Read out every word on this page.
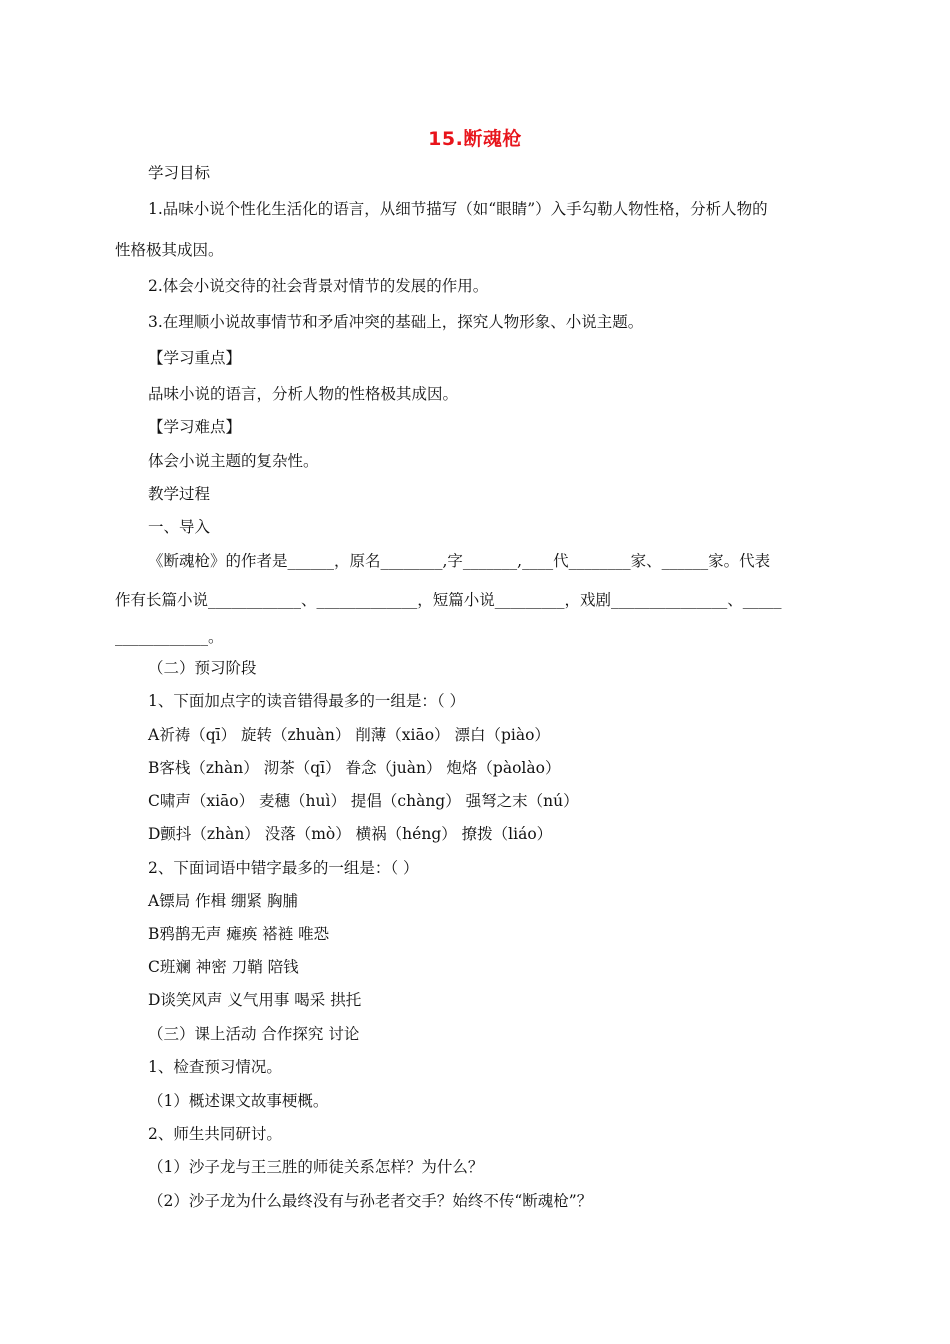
15.断魂枪
学习目标
1.品味小说个性化生活化的语言，从细节描写（如“眼睛”）入手勾勒人物性格，分析人物的
性格极其成因。
2.体会小说交待的社会背景对情节的发展的作用。
3.在理顺小说故事情节和矛盾冲突的基础上，探究人物形象、小说主题。
【学习重点】
品味小说的语言，分析人物的性格极其成因。
【学习难点】
体会小说主题的复杂性。
教学过程
一、导入
《断魂枪》的作者是______，原名________,字_______,____代________家、______家。代表
作有长篇小说____________、_____________，短篇小说_________，戏剧_______________、_____
____________。
（二）预习阶段
1、下面加点字的读音错得最多的一组是：（ ）
A祈祷（qī） 旋转（zhuàn） 削薄（xiāo） 漂白（piào）
B客栈（zhàn） 沏茶（qī） 眷念（juàn） 炮烙（pàolào）
C啸声（xiāo） 麦穗（huì） 提倡（chàng） 强弩之末（nú）
D颤抖（zhàn） 没落（mò） 横祸（héng） 撩拨（liáo）
2、下面词语中错字最多的一组是：（ ）
A镖局 作楫 绷紧 胸脯
B鸦鹊无声 瘫痪 褡裢 唯恐
C班斓 神密 刀鞘 陪钱
D谈笑风声 义气用事 喝采 拱托
（三）课上活动 合作探究 讨论
1、检查预习情况。
（1）概述课文故事梗概。
2、师生共同研讨。
（1）沙子龙与王三胜的师徒关系怎样？为什么？
（2）沙子龙为什么最终没有与孙老者交手？始终不传“断魂枪”？
